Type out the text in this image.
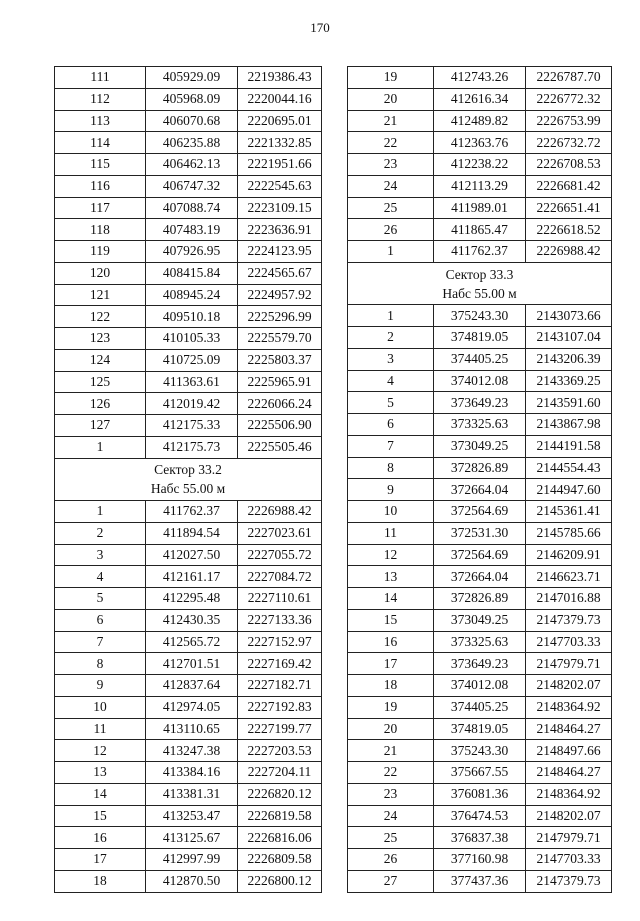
170
111	405929.09	2219386.43
112	405968.09	2220044.16
113	406070.68	2220695.01
114	406235.88	2221332.85
115	406462.13	2221951.66
116	406747.32	2222545.63
117	407088.74	2223109.15
118	407483.19	2223636.91
119	407926.95	2224123.95
120	408415.84	2224565.67
121	408945.24	2224957.92
122	409510.18	2225296.99
123	410105.33	2225579.70
124	410725.09	2225803.37
125	411363.61	2225965.91
126	412019.42	2226066.24
127	412175.33	2225506.90
1	412175.73	2225505.46

Сектор 33.2
Нaбс 55.00 м		

1	411762.37	2226988.42
2	411894.54	2227023.61
3	412027.50	2227055.72
4	412161.17	2227084.72
5	412295.48	2227110.61
6	412430.35	2227133.36
7	412565.72	2227152.97
8	412701.51	2227169.42
9	412837.64	2227182.71
10	412974.05	2227192.83
11	413110.65	2227199.77
12	413247.38	2227203.53
13	413384.16	2227204.11
14	413381.31	2226820.12
15	413253.47	2226819.58
16	413125.67	2226816.06
17	412997.99	2226809.58
18	412870.50	2226800.12
19	412743.26	2226787.70
20	412616.34	2226772.32
21	412489.82	2226753.99
22	412363.76	2226732.72
23	412238.22	2226708.53
24	412113.29	2226681.42
25	411989.01	2226651.41
26	411865.47	2226618.52
1	411762.37	2226988.42

Сектор 33.3
Нaбс 55.00 м		

1	375243.30	2143073.66
2	374819.05	2143107.04
3	374405.25	2143206.39
4	374012.08	2143369.25
5	373649.23	2143591.60
6	373325.63	2143867.98
7	373049.25	2144191.58
8	372826.89	2144554.43
9	372664.04	2144947.60
10	372564.69	2145361.41
11	372531.30	2145785.66
12	372564.69	2146209.91
13	372664.04	2146623.71
14	372826.89	2147016.88
15	373049.25	2147379.73
16	373325.63	2147703.33
17	373649.23	2147979.71
18	374012.08	2148202.07
19	374405.25	2148364.92
20	374819.05	2148464.27
21	375243.30	2148497.66
22	375667.55	2148464.27
23	376081.36	2148364.92
24	376474.53	2148202.07
25	376837.38	2147979.71
26	377160.98	2147703.33
27	377437.36	2147379.73
